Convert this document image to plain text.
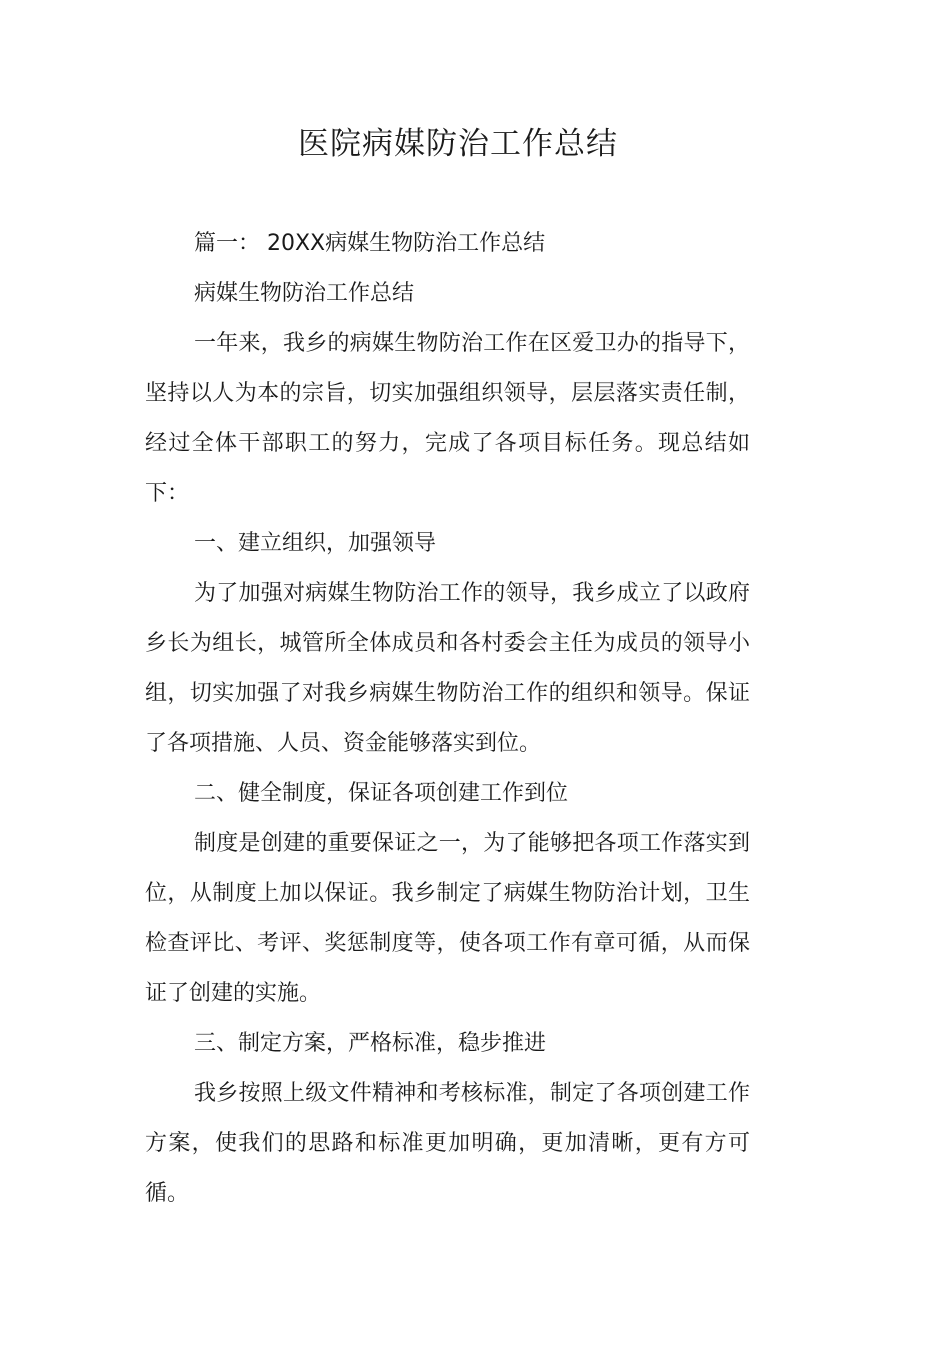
医院病媒防治工作总结

篇一： 20XX病媒生物防治工作总结

病媒生物防治工作总结

一年来，我乡的病媒生物防治工作在区爱卫办的指导下，坚持以人为本的宗旨，切实加强组织领导，层层落实责任制，经过全体干部职工的努力，完成了各项目标任务。现总结如下：

一、建立组织，加强领导

为了加强对病媒生物防治工作的领导，我乡成立了以政府乡长为组长，城管所全体成员和各村委会主任为成员的领导小组，切实加强了对我乡病媒生物防治工作的组织和领导。保证了各项措施、人员、资金能够落实到位。

二、健全制度，保证各项创建工作到位

制度是创建的重要保证之一，为了能够把各项工作落实到位，从制度上加以保证。我乡制定了病媒生物防治计划，卫生检查评比、考评、奖惩制度等，使各项工作有章可循，从而保证了创建的实施。

三、制定方案，严格标准，稳步推进

我乡按照上级文件精神和考核标准，制定了各项创建工作方案，使我们的思路和标准更加明确，更加清晰，更有方可循。
